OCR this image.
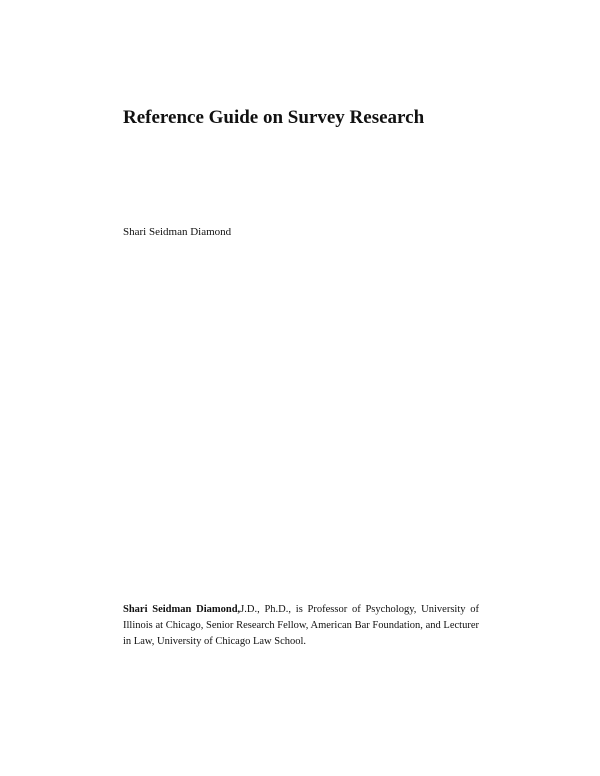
Reference Guide on Survey Research

Shari Seidman Diamond

Shari Seidman Diamond,J.D., Ph.D., is Professor of Psychology, University of Illinois at Chicago, Senior Research Fellow, American Bar Foundation, and Lecturer in Law, University of Chicago Law School.
